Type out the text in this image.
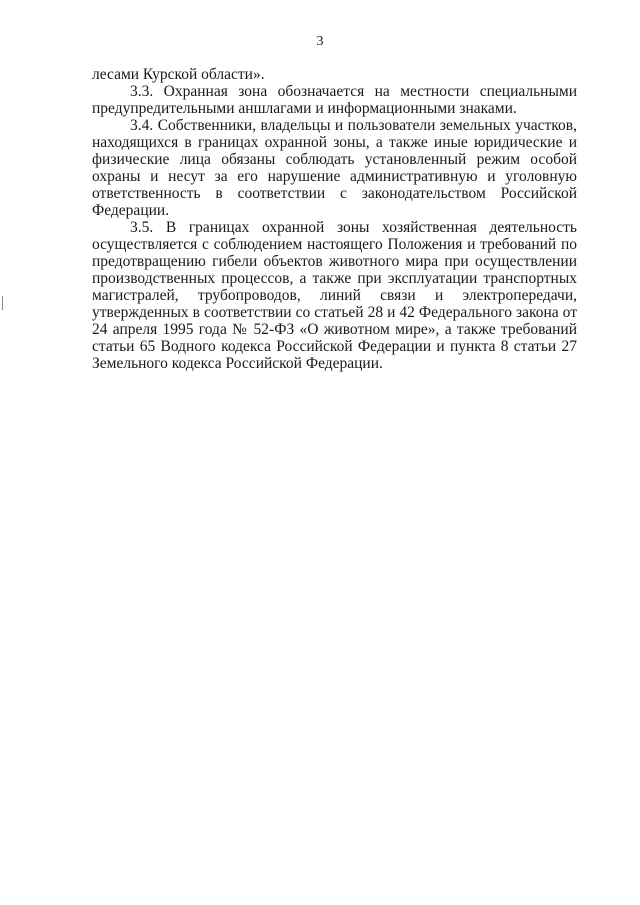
3

лесами Курской области».

3.3. Охранная зона обозначается на местности специальными предупредительными аншлагами и информационными знаками.

3.4. Собственники, владельцы и пользователи земельных участков, находящихся в границах охранной зоны, а также иные юридические и физические лица обязаны соблюдать установленный режим особой охраны и несут за его нарушение административную и уголовную ответственность в соответствии с законодательством Российской Федерации.

3.5. В границах охранной зоны хозяйственная деятельность осуществляется с соблюдением настоящего Положения и требований по предотвращению гибели объектов животного мира при осуществлении производственных процессов, а также при эксплуатации транспортных магистралей, трубопроводов, линий связи и электропередачи, утвержденных в соответствии со статьей 28 и 42 Федерального закона от 24 апреля 1995 года № 52-ФЗ «О животном мире», а также требований статьи 65 Водного кодекса Российской Федерации и пункта 8 статьи 27 Земельного кодекса Российской Федерации.
